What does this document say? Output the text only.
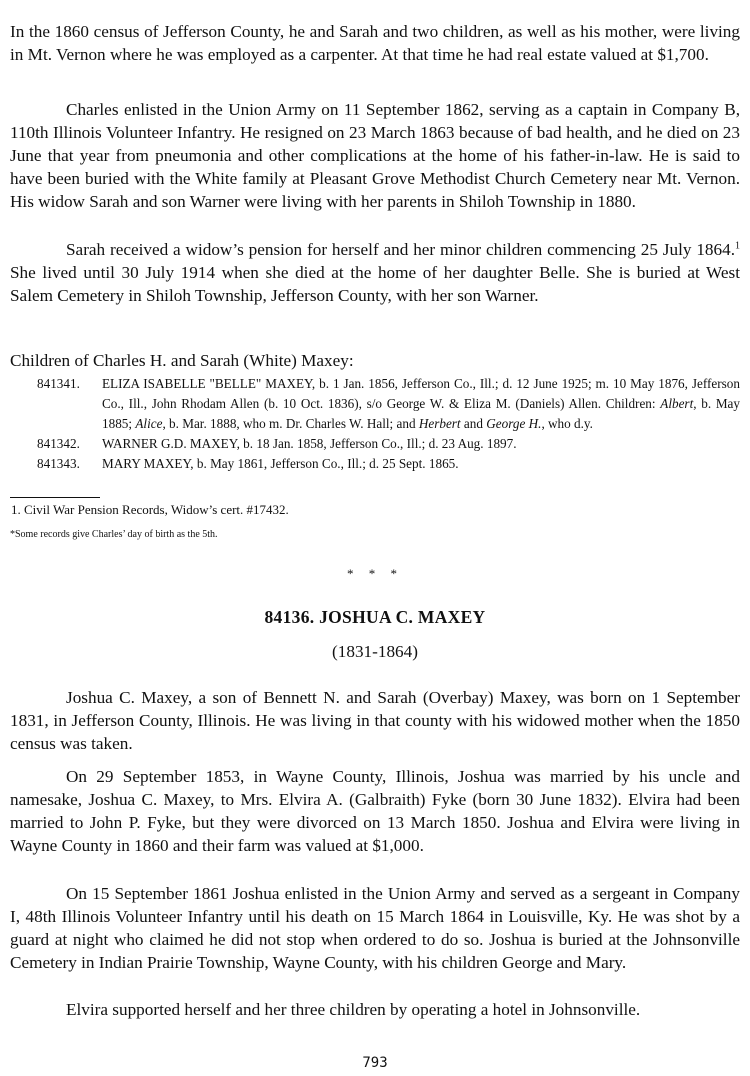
In the 1860 census of Jefferson County, he and Sarah and two children, as well as his mother, were living in Mt. Vernon where he was employed as a carpenter. At that time he had real estate valued at $1,700.

Charles enlisted in the Union Army on 11 September 1862, serving as a captain in Company B, 110th Illinois Volunteer Infantry. He resigned on 23 March 1863 because of bad health, and he died on 23 June that year from pneumonia and other complications at the home of his father-in-law. He is said to have been buried with the White family at Pleasant Grove Methodist Church Cemetery near Mt. Vernon. His widow Sarah and son Warner were living with her parents in Shiloh Township in 1880.

Sarah received a widow’s pension for herself and her minor children commencing 25 July 1864.$^1$ She lived until 30 July 1914 when she died at the home of her daughter Belle. She is buried at West Salem Cemetery in Shiloh Township, Jefferson County, with her son Warner.

Children of Charles H. and Sarah (White) Maxey:

841341.	ELIZA ISABELLE "BELLE" MAXEY, b. 1 Jan. 1856, Jefferson Co., Ill.; d. 12 June 1925; m. 10 May 1876, Jefferson Co., Ill., John Rhodam Allen (b. 10 Oct. 1836), s/o George W. & Eliza M. (Daniels) Allen. Children: Albert, b. May 1885; Alice, b. Mar. 1888, who m. Dr. Charles W. Hall; and Herbert and George H., who d.y.
841342.	WARNER G.D. MAXEY, b. 18 Jan. 1858, Jefferson Co., Ill.; d. 23 Aug. 1897.
841343.	MARY MAXEY, b. May 1861, Jefferson Co., Ill.; d. 25 Sept. 1865.

1. Civil War Pension Records, Widow’s cert. #17432.

*Some records give Charles’ day of birth as the 5th.

* * *

84136. JOSHUA C. MAXEY

(1831-1864)

Joshua C. Maxey, a son of Bennett N. and Sarah (Overbay) Maxey, was born on 1 September 1831, in Jefferson County, Illinois. He was living in that county with his widowed mother when the 1850 census was taken.

On 29 September 1853, in Wayne County, Illinois, Joshua was married by his uncle and namesake, Joshua C. Maxey, to Mrs. Elvira A. (Galbraith) Fyke (born 30 June 1832). Elvira had been married to John P. Fyke, but they were divorced on 13 March 1850. Joshua and Elvira were living in Wayne County in 1860 and their farm was valued at $1,000.

On 15 September 1861 Joshua enlisted in the Union Army and served as a sergeant in Company I, 48th Illinois Volunteer Infantry until his death on 15 March 1864 in Louisville, Ky. He was shot by a guard at night who claimed he did not stop when ordered to do so. Joshua is buried at the Johnsonville Cemetery in Indian Prairie Township, Wayne County, with his children George and Mary.

Elvira supported herself and her three children by operating a hotel in Johnsonville.

793
